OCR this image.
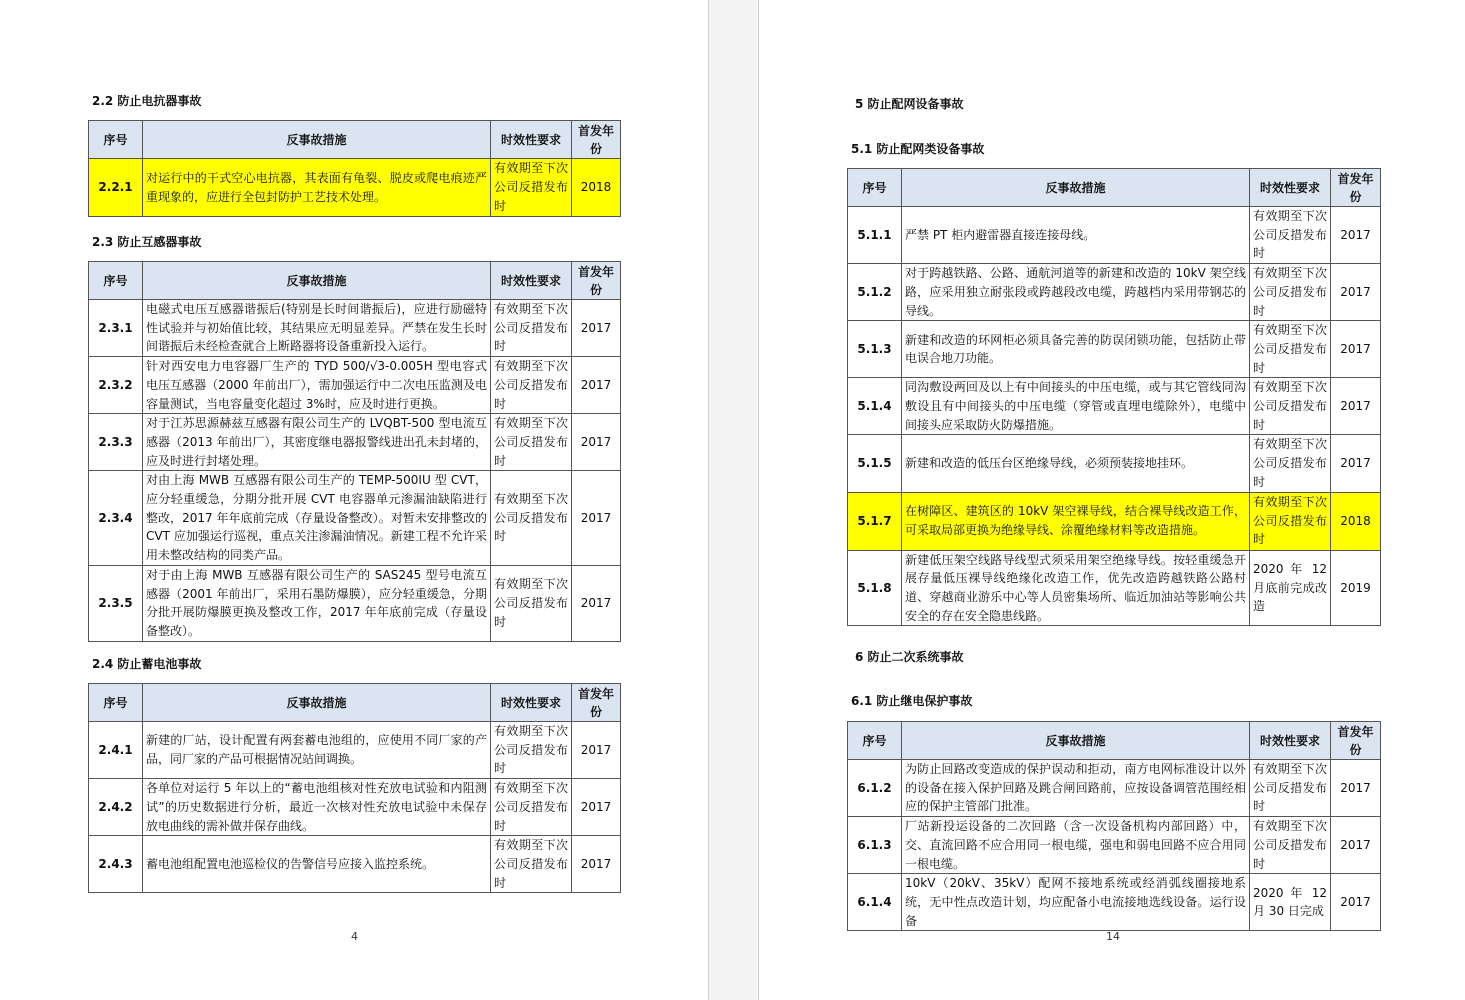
2.2 防止电抗器事故
序号	反事故措施	时效性要求	首发年份
2.2.1	对运行中的干式空心电抗器，其表面有龟裂、脱皮或爬电痕迹严重现象的，应进行全包封防护工艺技术处理。	有效期至下次公司反措发布时	2018
2.3 防止互感器事故
序号	反事故措施	时效性要求	首发年份
2.3.1	电磁式电压互感器谐振后(特别是长时间谐振后)，应进行励磁特性试验并与初始值比较，其结果应无明显差异。严禁在发生长时间谐振后未经检查就合上断路器将设备重新投入运行。	有效期至下次公司反措发布时	2017
2.3.2	针对西安电力电容器厂生产的 TYD 500/√3-0.005H 型电容式电压互感器（2000 年前出厂），需加强运行中二次电压监测及电容量测试，当电容量变化超过 3%时，应及时进行更换。	有效期至下次公司反措发布时	2017
2.3.3	对于江苏思源赫兹互感器有限公司生产的 LVQBT-500 型电流互感器（2013 年前出厂），其密度继电器报警线进出孔未封堵的，应及时进行封堵处理。	有效期至下次公司反措发布时	2017
2.3.4	对由上海 MWB 互感器有限公司生产的 TEMP-500IU 型 CVT，应分轻重缓急，分期分批开展 CVT 电容器单元渗漏油缺陷进行整改，2017 年年底前完成（存量设备整改）。对暂未安排整改的 CVT 应加强运行巡视，重点关注渗漏油情况。新建工程不允许采用未整改结构的同类产品。	有效期至下次公司反措发布时	2017
2.3.5	对于由上海 MWB 互感器有限公司生产的 SAS245 型号电流互感器（2001 年前出厂，采用石墨防爆膜），应分轻重缓急，分期分批开展防爆膜更换及整改工作，2017 年年底前完成（存量设备整改）。	有效期至下次公司反措发布时	2017
2.4 防止蓄电池事故
序号	反事故措施	时效性要求	首发年份
2.4.1	新建的厂站，设计配置有两套蓄电池组的，应使用不同厂家的产品，同厂家的产品可根据情况站间调换。	有效期至下次公司反措发布时	2017
2.4.2	各单位对运行 5 年以上的“蓄电池组核对性充放电试验和内阻测试”的历史数据进行分析，最近一次核对性充放电试验中未保存放电曲线的需补做并保存曲线。	有效期至下次公司反措发布时	2017
2.4.3	蓄电池组配置电池巡检仪的告警信号应接入监控系统。	有效期至下次公司反措发布时	2017
4
5 防止配网设备事故
6 防止二次系统事故
5.1 防止配网类设备事故
序号	反事故措施	时效性要求	首发年份
5.1.1	严禁 PT 柜内避雷器直接连接母线。	有效期至下次公司反措发布时	2017
5.1.2	对于跨越铁路、公路、通航河道等的新建和改造的 10kV 架空线路，应采用独立耐张段或跨越段改电缆，跨越档内采用带钢芯的导线。	有效期至下次公司反措发布时	2017
5.1.3	新建和改造的环网柜必须具备完善的防误闭锁功能，包括防止带电误合地刀功能。	有效期至下次公司反措发布时	2017
5.1.4	同沟敷设两回及以上有中间接头的中压电缆，或与其它管线同沟敷设且有中间接头的中压电缆（穿管或直埋电缆除外），电缆中间接头应采取防火防爆措施。	有效期至下次公司反措发布时	2017
5.1.5	新建和改造的低压台区绝缘导线，必须预装接地挂环。	有效期至下次公司反措发布时	2017
5.1.7	在树障区、建筑区的 10kV 架空裸导线，结合裸导线改造工作，可采取局部更换为绝缘导线、涂覆绝缘材料等改造措施。	有效期至下次公司反措发布时	2018
5.1.8	新建低压架空线路导线型式须采用架空绝缘导线。按轻重缓急开展存量低压裸导线绝缘化改造工作，优先改造跨越铁路公路村道、穿越商业游乐中心等人员密集场所、临近加油站等影响公共安全的存在安全隐患线路。	2020 年 12 月底前完成改造	2019
6.1 防止继电保护事故
序号	反事故措施	时效性要求	首发年份
6.1.2	为防止回路改变造成的保护误动和拒动，南方电网标准设计以外的设备在接入保护回路及跳合闸回路前，应按设备调管范围经相应的保护主管部门批准。	有效期至下次公司反措发布时	2017
6.1.3	厂站新投运设备的二次回路（含一次设备机构内部回路）中，交、直流回路不应合用同一根电缆，强电和弱电回路不应合用同一根电缆。	有效期至下次公司反措发布时	2017
6.1.4	10kV（20kV、35kV）配网不接地系统或经消弧线圈接地系统，无中性点改造计划，均应配备小电流接地选线设备。运行设备	2020 年 12 月 30 日完成	2017
14
